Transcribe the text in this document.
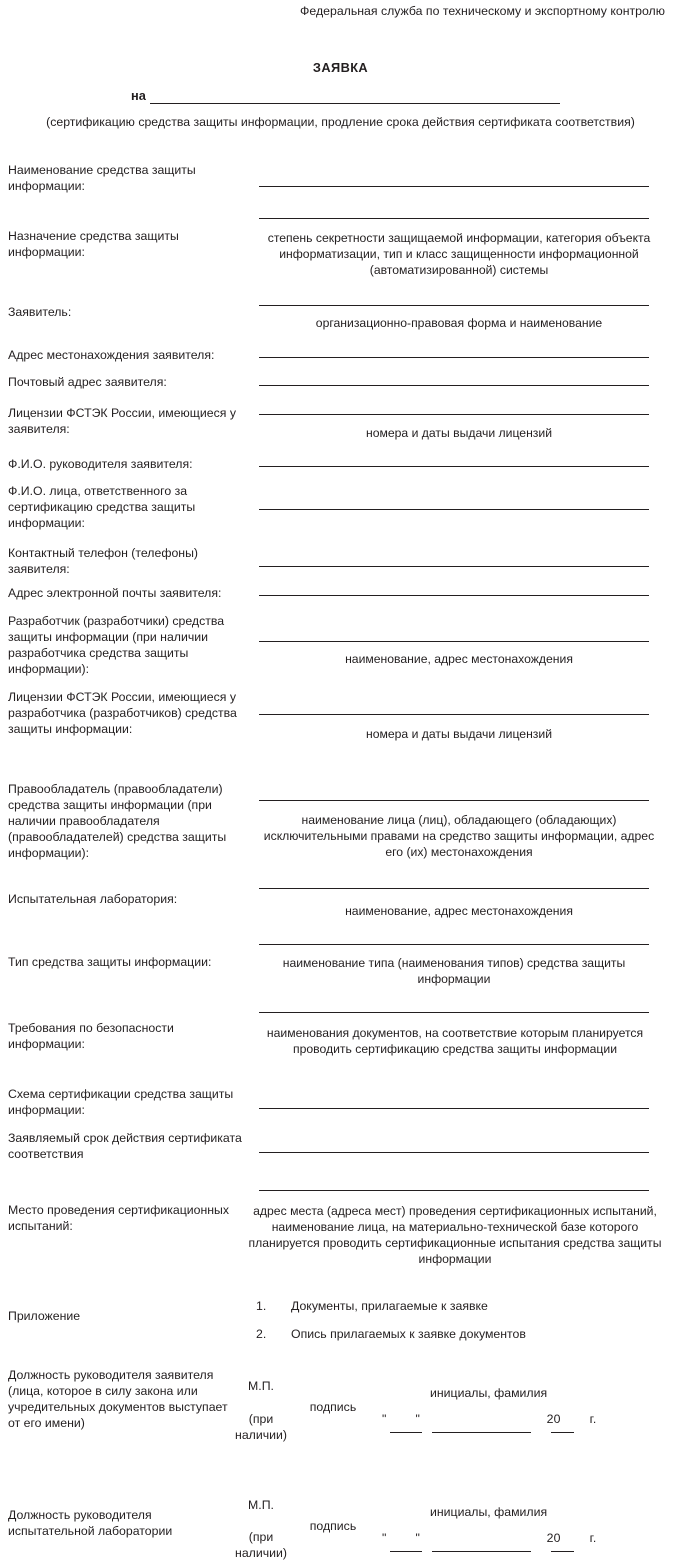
Федеральная служба по техническому и экспортному контролю
ЗАЯВКА
на
(сертификацию средства защиты информации, продление срока действия сертификата соответствия)
Наименование средства защиты информации:
Назначение средства защиты информации:
степень секретности защищаемой информации, категория объекта информатизации, тип и класс защищенности информационной (автоматизированной) системы
Заявитель:
организационно-правовая форма и наименование
Адрес местонахождения заявителя:
Почтовый адрес заявителя:
Лицензии ФСТЭК России, имеющиеся у заявителя:	номера и даты выдачи лицензий
Ф.И.О. руководителя заявителя:
Ф.И.О. лица, ответственного за сертификацию средства защиты информации:
Контактный телефон (телефоны) заявителя:
Адрес электронной почты заявителя:
Разработчик (разработчики) средства защиты информации (при наличии разработчика средства защиты информации):
наименование, адрес местонахождения
Лицензии ФСТЭК России, имеющиеся у разработчика (разработчиков) средства защиты информации:	номера и даты выдачи лицензий
Правообладатель (правообладатели) средства защиты информации (при наличии правообладателя (правообладателей) средства защиты информации):
наименование лица (лиц), обладающего (обладающих) исключительными правами на средство защиты информации, адрес его (их) местонахождения
Испытательная лаборатория:
наименование, адрес местонахождения
Тип средства защиты информации:	наименование типа (наименования типов) средства защиты информации
Требования по безопасности информации:
наименования документов, на соответствие которым планируется проводить сертификацию средства защиты информации
Схема сертификации средства защиты информации:
Заявляемый срок действия сертификата соответствия
Место проведения сертификационных испытаний:
адрес места (адреса мест) проведения сертификационных испытаний, наименование лица, на материально-технической базе которого планируется проводить сертификационные испытания средства защиты информации
Приложение
1. Документы, прилагаемые к заявке
2. Опись прилагаемых к заявке документов
Должность руководителя заявителя (лица, которое в силу закона или учредительных документов выступает от его имени)
М.П.
(при наличии)
подпись
инициалы, фамилия
"        "                                   20        г.
Должность руководителя испытательной лаборатории
М.П.
(при наличии)
подпись
инициалы, фамилия
"        "                                   20        г.
